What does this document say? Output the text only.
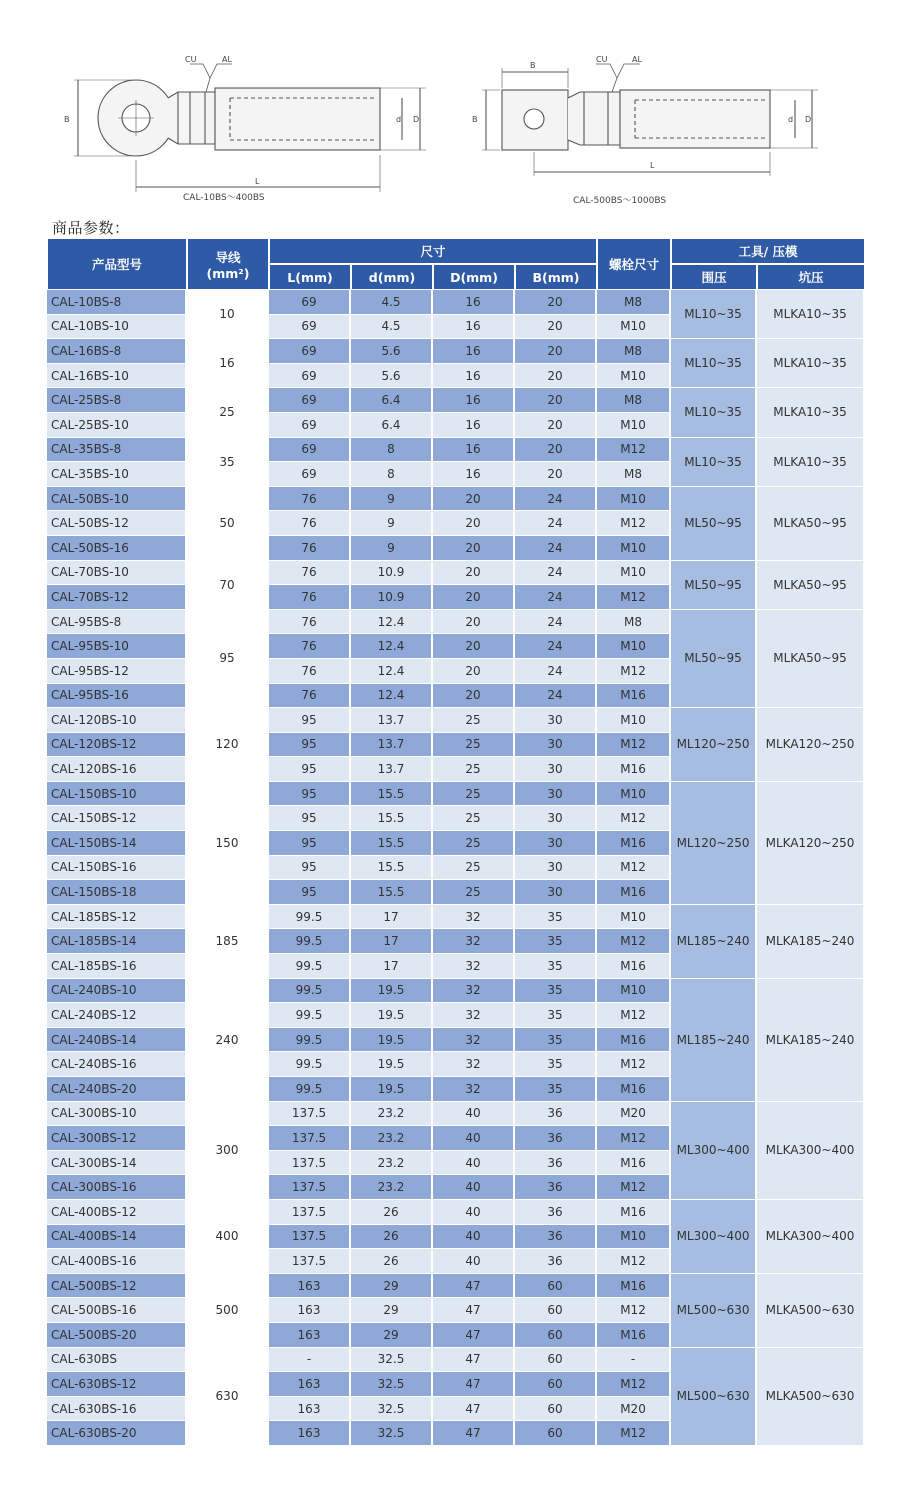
CU	AL
B	d D
L
CAL-10BS～400BS
CU	AL
B
B	d D
L
CAL-500BS～1000BS
商品参数：
产品型号	导线
(mm²)	尺寸				螺栓尺寸	工具/ 压模	
		L(mm)	d(mm)	D(mm)	B(mm)		围压	坑压
CAL-10BS-8	10	69	4.5	16	20	M8	ML10~35	MLKA10~35
CAL-10BS-10		69	4.5	16	20	M10		
CAL-16BS-8	16	69	5.6	16	20	M8	ML10~35	MLKA10~35
CAL-16BS-10		69	5.6	16	20	M10		
CAL-25BS-8	25	69	6.4	16	20	M8	ML10~35	MLKA10~35
CAL-25BS-10		69	6.4	16	20	M10		
CAL-35BS-8	35	69	8	16	20	M12	ML10~35	MLKA10~35
CAL-35BS-10		69	8	16	20	M8		
CAL-50BS-10	50	76	9	20	24	M10	ML50~95	MLKA50~95
CAL-50BS-12		76	9	20	24	M12		
CAL-50BS-16		76	9	20	24	M10		
CAL-70BS-10	70	76	10.9	20	24	M10	ML50~95	MLKA50~95
CAL-70BS-12		76	10.9	20	24	M12		
CAL-95BS-8	95	76	12.4	20	24	M8	ML50~95	MLKA50~95
CAL-95BS-10		76	12.4	20	24	M10		
CAL-95BS-12		76	12.4	20	24	M12		
CAL-95BS-16		76	12.4	20	24	M16		
CAL-120BS-10	120	95	13.7	25	30	M10	ML120~250	MLKA120~250
CAL-120BS-12		95	13.7	25	30	M12		
CAL-120BS-16		95	13.7	25	30	M16		
CAL-150BS-10	150	95	15.5	25	30	M10	ML120~250	MLKA120~250
CAL-150BS-12		95	15.5	25	30	M12		
CAL-150BS-14		95	15.5	25	30	M16		
CAL-150BS-16		95	15.5	25	30	M12		
CAL-150BS-18		95	15.5	25	30	M16		
CAL-185BS-12	185	99.5	17	32	35	M10	ML185~240	MLKA185~240
CAL-185BS-14		99.5	17	32	35	M12		
CAL-185BS-16		99.5	17	32	35	M16		
CAL-240BS-10	240	99.5	19.5	32	35	M10	ML185~240	MLKA185~240
CAL-240BS-12		99.5	19.5	32	35	M12		
CAL-240BS-14		99.5	19.5	32	35	M16		
CAL-240BS-16		99.5	19.5	32	35	M12		
CAL-240BS-20		99.5	19.5	32	35	M16		
CAL-300BS-10	300	137.5	23.2	40	36	M20	ML300~400	MLKA300~400
CAL-300BS-12		137.5	23.2	40	36	M12		
CAL-300BS-14		137.5	23.2	40	36	M16		
CAL-300BS-16		137.5	23.2	40	36	M12		
CAL-400BS-12	400	137.5	26	40	36	M16	ML300~400	MLKA300~400
CAL-400BS-14		137.5	26	40	36	M10		
CAL-400BS-16		137.5	26	40	36	M12		
CAL-500BS-12	500	163	29	47	60	M16	ML500~630	MLKA500~630
CAL-500BS-16		163	29	47	60	M12		
CAL-500BS-20		163	29	47	60	M16		
CAL-630BS	630	-	32.5	47	60	-	ML500~630	MLKA500~630
CAL-630BS-12		163	32.5	47	60	M12		
CAL-630BS-16		163	32.5	47	60	M20		
CAL-630BS-20		163	32.5	47	60	M12		
